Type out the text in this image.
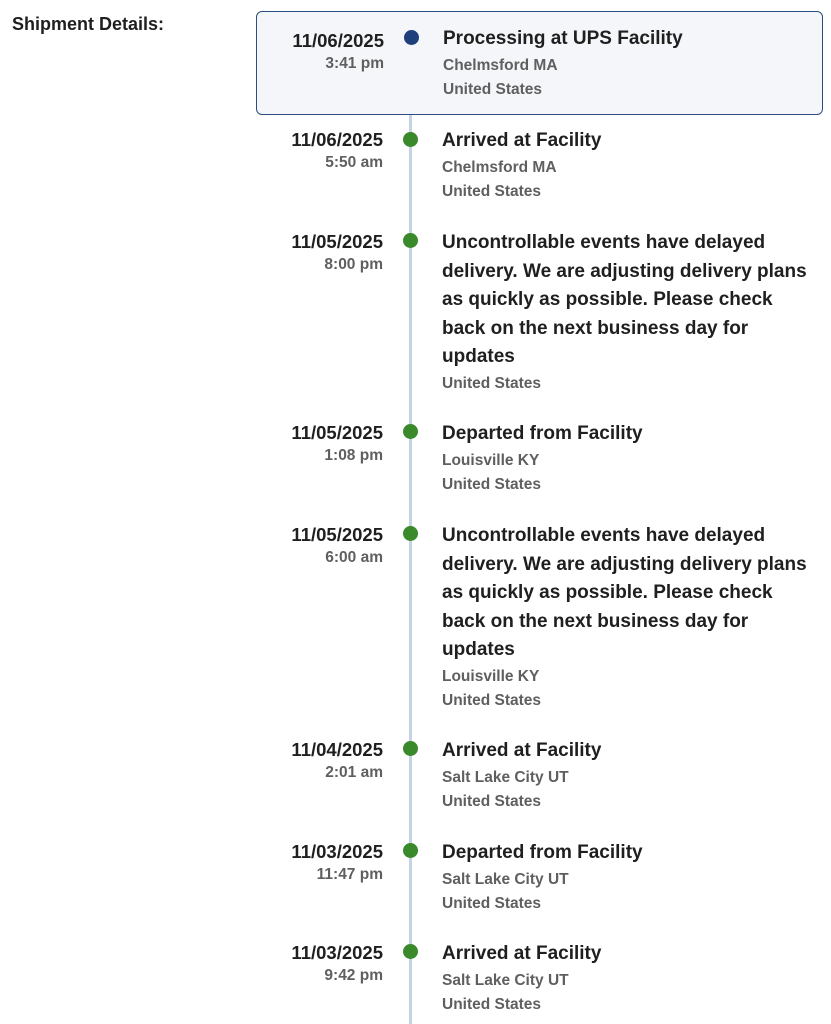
Shipment Details:
11/06/2025
3:41 pm
Processing at UPS Facility
Chelmsford MA
United States
11/06/2025
5:50 am
Arrived at Facility
Chelmsford MA
United States
11/05/2025
8:00 pm
Uncontrollable events have delayed delivery. We are adjusting delivery plans as quickly as possible. Please check back on the next business day for updates
United States
11/05/2025
1:08 pm
Departed from Facility
Louisville KY
United States
11/05/2025
6:00 am
Uncontrollable events have delayed delivery. We are adjusting delivery plans as quickly as possible. Please check back on the next business day for updates
Louisville KY
United States
11/04/2025
2:01 am
Arrived at Facility
Salt Lake City UT
United States
11/03/2025
11:47 pm
Departed from Facility
Salt Lake City UT
United States
11/03/2025
9:42 pm
Arrived at Facility
Salt Lake City UT
United States
